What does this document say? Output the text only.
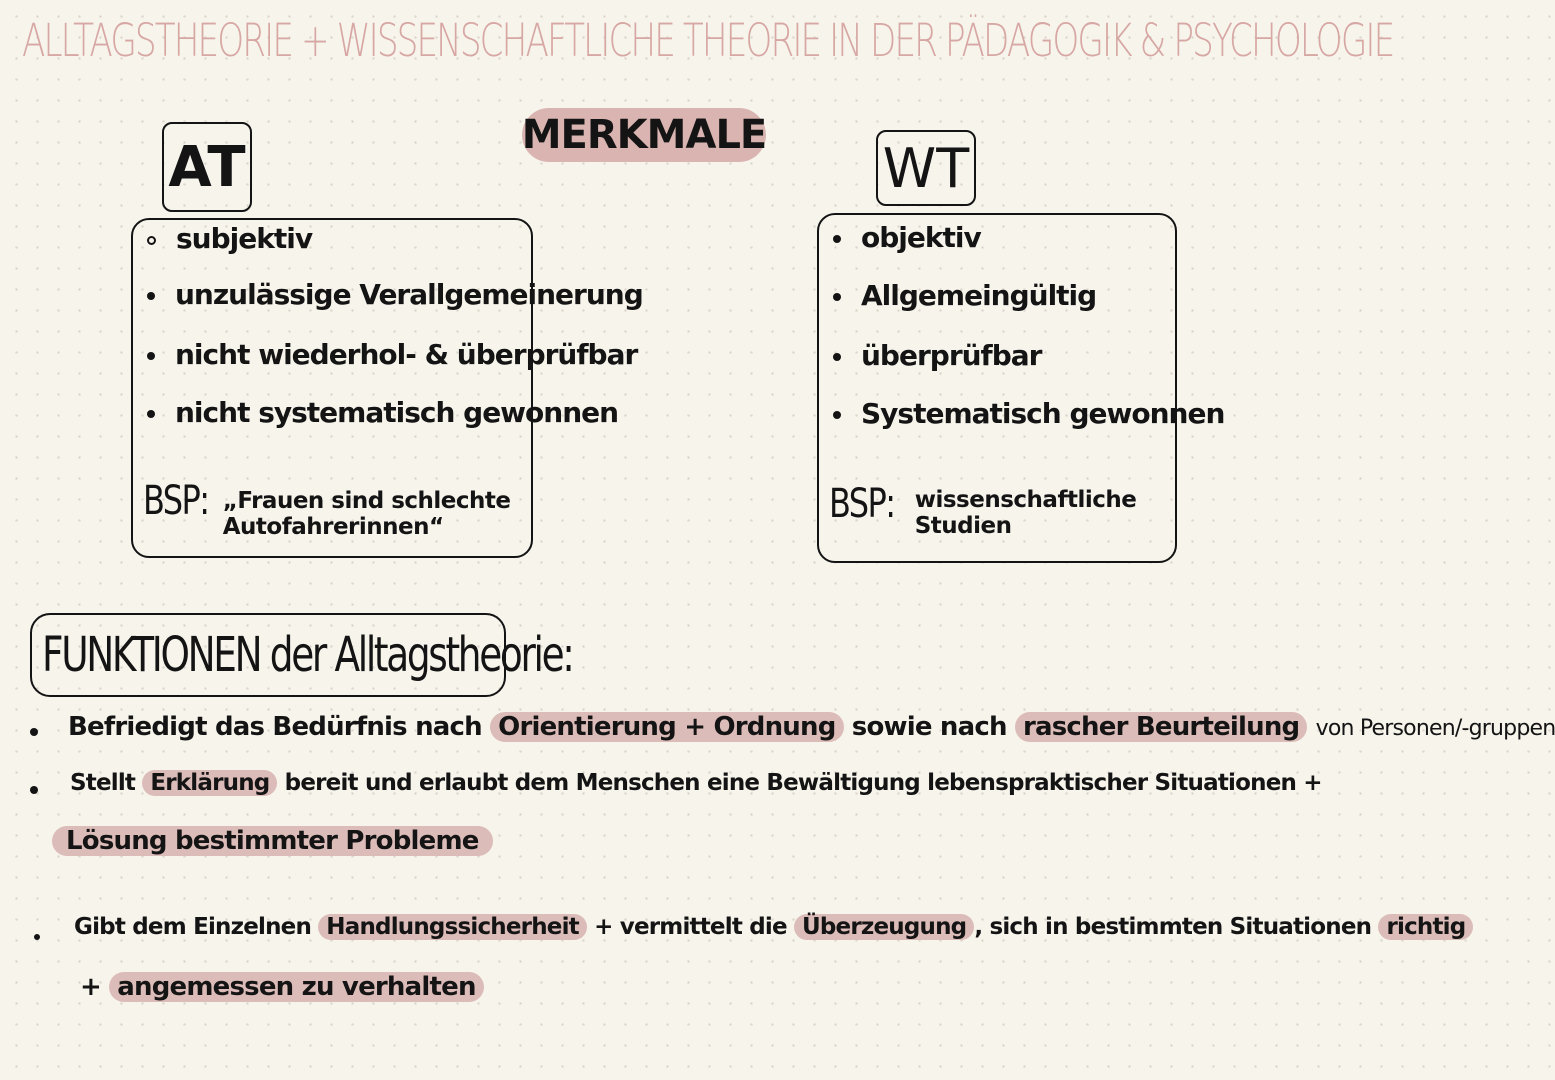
ALLTAGSTHEORIE + WISSENSCHAFTLICHE THEORIE IN DER PÄDAGOGIK & PSYCHOLOGIE
MERKMALE
AT
subjektiv
unzulässige Verallgemeinerung
nicht wiederhol- & überprüfbar
nicht systematisch gewonnen
BSP: „Frauen sind schlechte
Autofahrerinnen“
WT
objektiv
Allgemeingültig
überprüfbar
Systematisch gewonnen
BSP: wissenschaftliche
Studien
FUNKTIONEN der Alltagstheorie:
Befriedigt das Bedürfnis nach Orientierung + Ordnung sowie nach rascher Beurteilung von Personen/-gruppen
Stellt Erklärung bereit und erlaubt dem Menschen eine Bewältigung lebenspraktischer Situationen +
Lösung bestimmter Probleme
Gibt dem Einzelnen Handlungssicherheit + vermittelt die Überzeugung , sich in bestimmten Situationen richtig
+ angemessen zu verhalten
